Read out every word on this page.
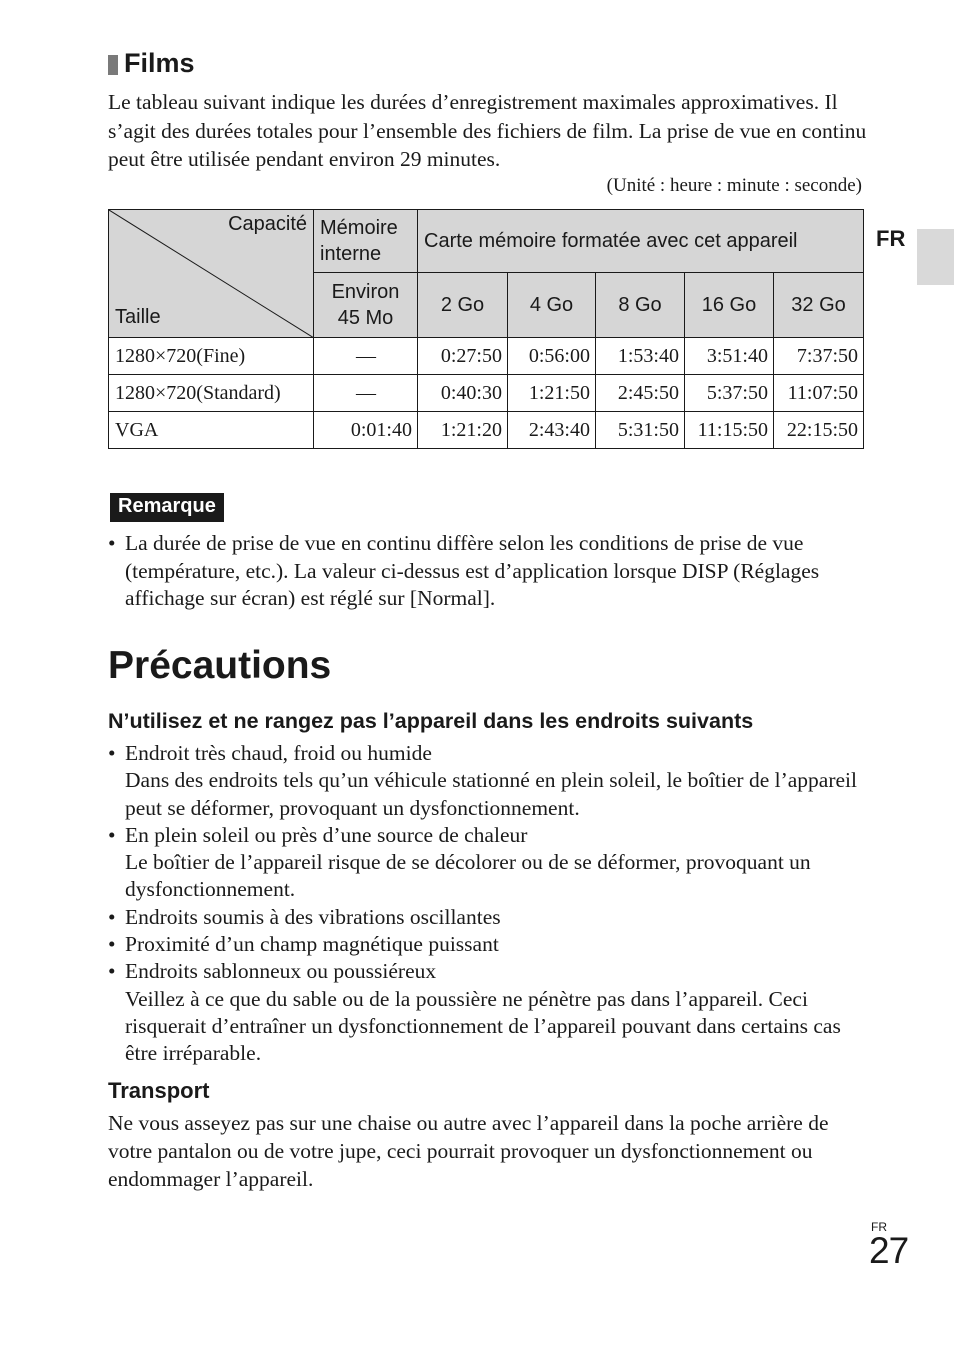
Films

Le tableau suivant indique les durées d’enregistrement maximales approximatives. Il s’agit des durées totales pour l’ensemble des fichiers de film. La prise de vue en continu peut être utilisée pendant environ 29 minutes.

(Unité : heure : minute : seconde)
Capacité
Taille	Mémoire interne	Carte mémoire formatée avec cet appareil				
	Environ 45 Mo	2 Go	4 Go	8 Go	16 Go	32 Go
1280×720(Fine)	—	0:27:50	0:56:00	1:53:40	3:51:40	7:37:50
1280×720(Standard)	—	0:40:30	1:21:50	2:45:50	5:37:50	11:07:50
VGA	0:01:40	1:21:20	2:43:40	5:31:50	11:15:50	22:15:50
Remarque
• La durée de prise de vue en continu diffère selon les conditions de prise de vue (température, etc.). La valeur ci-dessus est d’application lorsque DISP (Réglages affichage sur écran) est réglé sur [Normal].
Précautions
N’utilisez et ne rangez pas l’appareil dans les endroits suivants
• Endroit très chaud, froid ou humide
Dans des endroits tels qu’un véhicule stationné en plein soleil, le boîtier de l’appareil peut se déformer, provoquant un dysfonctionnement.
• En plein soleil ou près d’une source de chaleur
Le boîtier de l’appareil risque de se décolorer ou de se déformer, provoquant un dysfonctionnement.
• Endroits soumis à des vibrations oscillantes
• Proximité d’un champ magnétique puissant
• Endroits sablonneux ou poussiéreux
Veillez à ce que du sable ou de la poussière ne pénètre pas dans l’appareil. Ceci risquerait d’entraîner un dysfonctionnement de l’appareil pouvant dans certains cas être irréparable.
Transport

Ne vous asseyez pas sur une chaise ou autre avec l’appareil dans la poche arrière de votre pantalon ou de votre jupe, ceci pourrait provoquer un dysfonctionnement ou endommager l’appareil.

FR
FR
27
